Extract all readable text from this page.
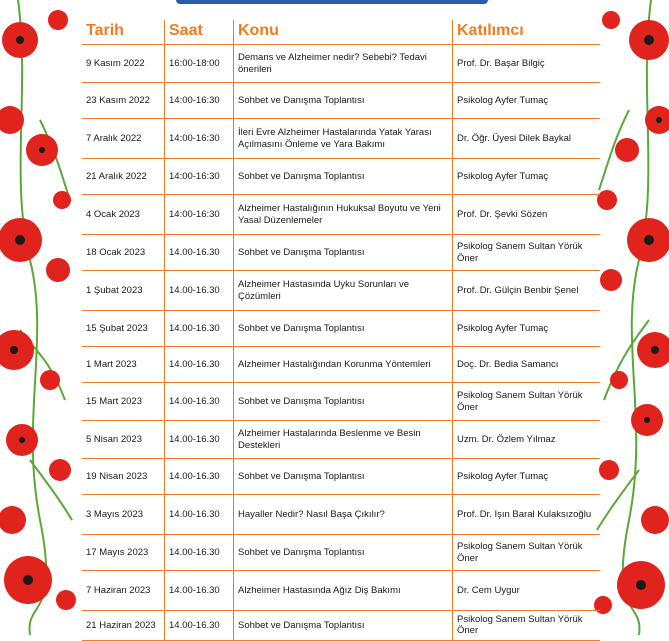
Tarih	Saat	Konu	Katılımcı
9 Kasım 2022	16:00-18:00	Demans ve Alzheimer nedir? Sebebi? Tedavi önerileri	Prof. Dr. Başar Bilgiç
23 Kasım 2022	14:00-16:30	Sohbet ve Danışma Toplantısı	Psikolog Ayfer Tumaç
7 Aralık 2022	14:00-16:30	İleri Evre Alzheimer Hastalarında Yatak Yarası Açılmasını Önleme ve Yara Bakımı	Dr. Öğr. Üyesi Dilek Baykal
21 Aralık 2022	14:00-16:30	Sohbet ve Danışma Toplantısı	Psikolog Ayfer Tumaç
4 Ocak 2023	14:00-16:30	Alzheimer Hastalığının Hukuksal Boyutu ve Yeni Yasal Düzenlemeler	Prof. Dr. Şevki Sözen
18 Ocak 2023	14.00-16.30	Sohbet ve Danışma Toplantısı	Psikolog Sanem Sultan Yörük Öner
1 Şubat 2023	14.00-16.30	Alzheimer Hastasında Uyku Sorunları ve Çözümleri	Prof. Dr. Gülçin Benbir Şenel
15 Şubat 2023	14.00-16.30	Sohbet ve Danışma Toplantısı	Psikolog Ayfer Tumaç
1 Mart 2023	14.00-16.30	Alzheimer Hastalığından Korunma Yöntemleri	Doç. Dr. Bedia Samancı
15 Mart 2023	14.00-16.30	Sohbet ve Danışma Toplantısı	Psikolog Sanem Sultan Yörük Öner
5 Nisan 2023	14.00-16.30	Alzheimer Hastalarında Beslenme ve Besin Destekleri	Uzm. Dr. Özlem Yılmaz
19 Nisan 2023	14.00-16.30	Sohbet ve Danışma Toplantısı	Psikolog Ayfer Tumaç
3 Mayıs 2023	14.00-16.30	Hayaller Nedir? Nasıl Başa Çıkılır?	Prof. Dr. Işın Baral Kulaksızoğlu
17 Mayıs 2023	14.00-16.30	Sohbet ve Danışma Toplantısı	Psikolog Sanem Sultan Yörük Öner
7 Haziran 2023	14.00-16.30	Alzheimer Hastasında Ağız Diş Bakımı	Dr. Cem Uygur
21 Haziran 2023	14.00-16.30	Sohbet ve Danışma Toplantısı	Psikolog Sanem Sultan Yörük Öner
